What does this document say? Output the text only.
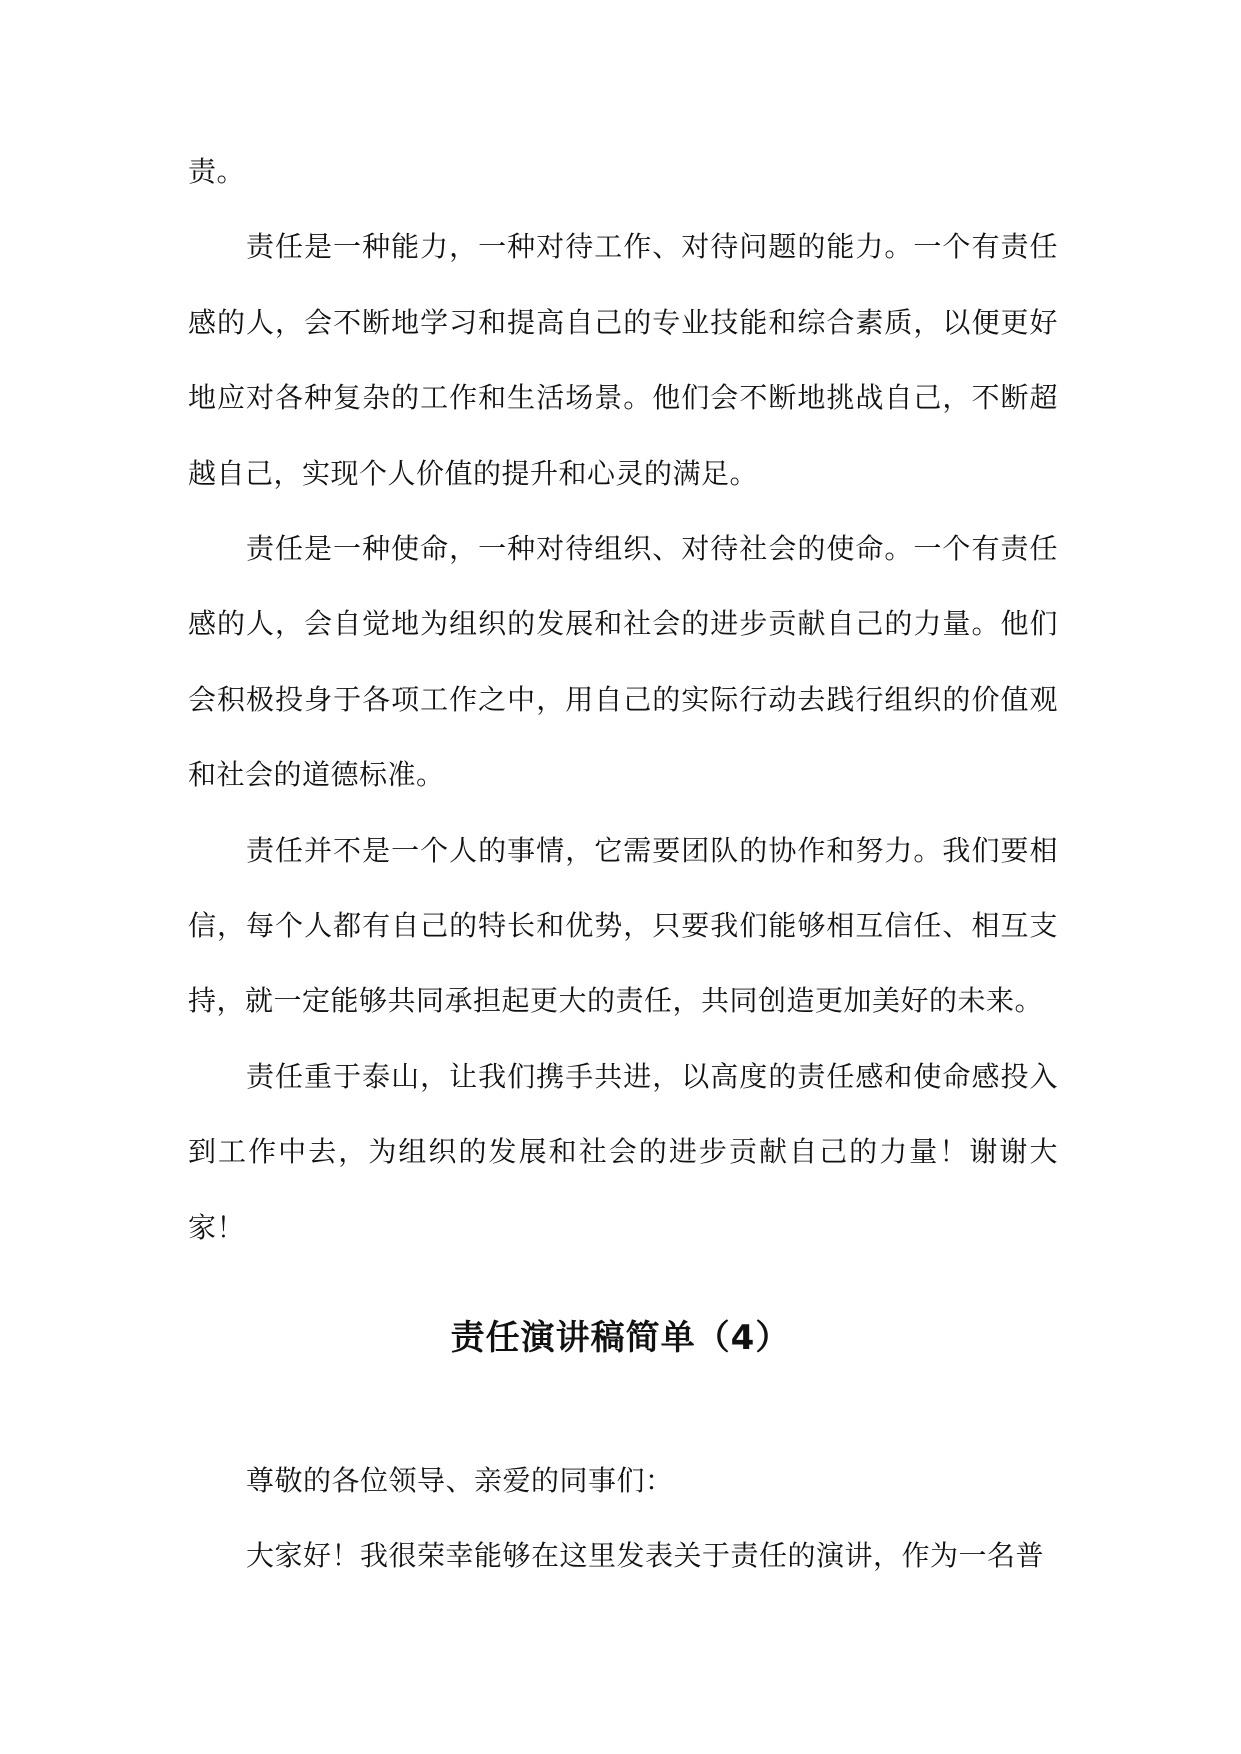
责。

责任是一种能力，一种对待工作、对待问题的能力。一个有责任感的人，会不断地学习和提高自己的专业技能和综合素质，以便更好地应对各种复杂的工作和生活场景。他们会不断地挑战自己，不断超越自己，实现个人价值的提升和心灵的满足。

责任是一种使命，一种对待组织、对待社会的使命。一个有责任感的人，会自觉地为组织的发展和社会的进步贡献自己的力量。他们会积极投身于各项工作之中，用自己的实际行动去践行组织的价值观和社会的道德标准。

责任并不是一个人的事情，它需要团队的协作和努力。我们要相信，每个人都有自己的特长和优势，只要我们能够相互信任、相互支持，就一定能够共同承担起更大的责任，共同创造更加美好的未来。

责任重于泰山，让我们携手共进，以高度的责任感和使命感投入到工作中去，为组织的发展和社会的进步贡献自己的力量！谢谢大家！

责任演讲稿简单（4）

尊敬的各位领导、亲爱的同事们：

大家好！我很荣幸能够在这里发表关于责任的演讲，作为一名普
